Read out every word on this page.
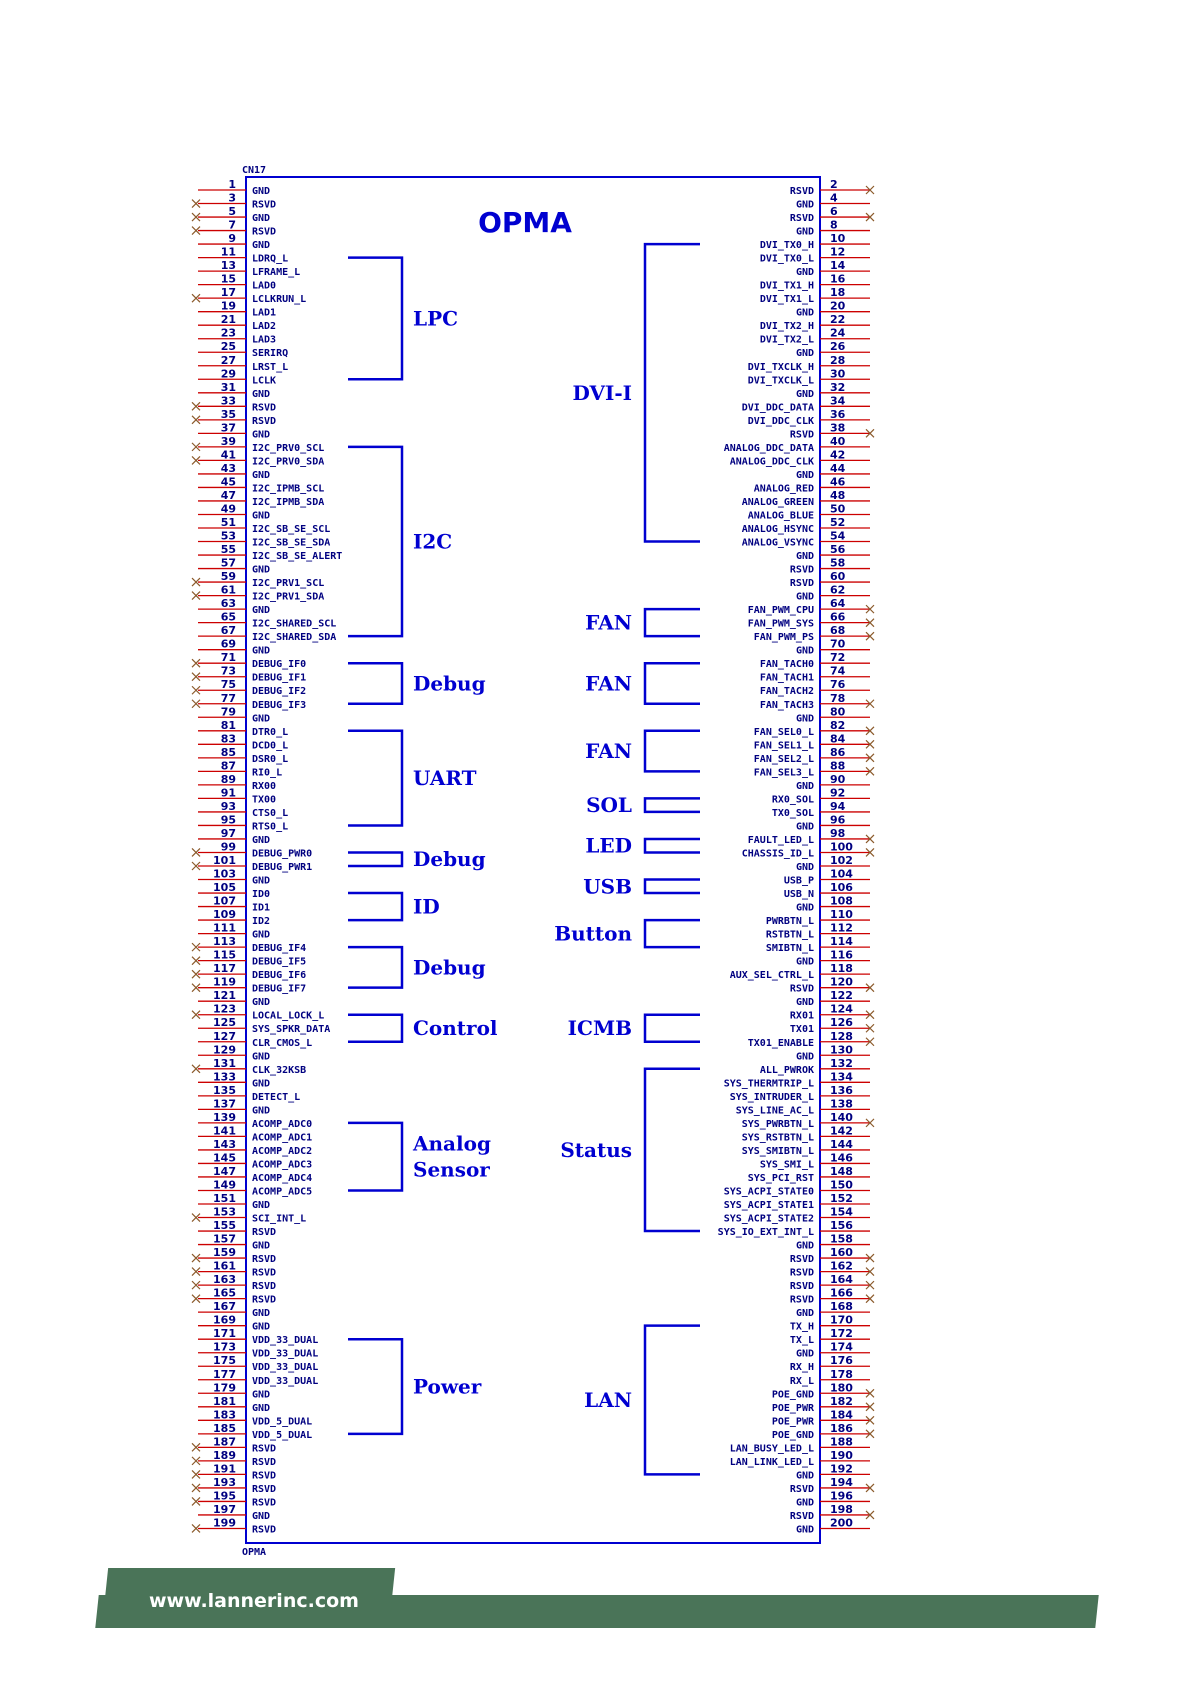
CN17
OPMA
OPMA
1
GND
3
RSVD
5
GND
7
RSVD
9
GND
11
LDRQ_L
13
LFRAME_L
15
LAD0
17
LCLKRUN_L
19
LAD1
21
LAD2
23
LAD3
25
SERIRQ
27
LRST_L
29
LCLK
31
GND
33
RSVD
35
RSVD
37
GND
39
I2C_PRV0_SCL
41
I2C_PRV0_SDA
43
GND
45
I2C_IPMB_SCL
47
I2C_IPMB_SDA
49
GND
51
I2C_SB_SE_SCL
53
I2C_SB_SE_SDA
55
I2C_SB_SE_ALERT
57
GND
59
I2C_PRV1_SCL
61
I2C_PRV1_SDA
63
GND
65
I2C_SHARED_SCL
67
I2C_SHARED_SDA
69
GND
71
DEBUG_IF0
73
DEBUG_IF1
75
DEBUG_IF2
77
DEBUG_IF3
79
GND
81
DTR0_L
83
DCD0_L
85
DSR0_L
87
RI0_L
89
RX00
91
TX00
93
CTS0_L
95
RTS0_L
97
GND
99
DEBUG_PWR0
101
DEBUG_PWR1
103
GND
105
ID0
107
ID1
109
ID2
111
GND
113
DEBUG_IF4
115
DEBUG_IF5
117
DEBUG_IF6
119
DEBUG_IF7
121
GND
123
LOCAL_LOCK_L
125
SYS_SPKR_DATA
127
CLR_CMOS_L
129
GND
131
CLK_32KSB
133
GND
135
DETECT_L
137
GND
139
ACOMP_ADC0
141
ACOMP_ADC1
143
ACOMP_ADC2
145
ACOMP_ADC3
147
ACOMP_ADC4
149
ACOMP_ADC5
151
GND
153
SCI_INT_L
155
RSVD
157
GND
159
RSVD
161
RSVD
163
RSVD
165
RSVD
167
GND
169
GND
171
VDD_33_DUAL
173
VDD_33_DUAL
175
VDD_33_DUAL
177
VDD_33_DUAL
179
GND
181
GND
183
VDD_5_DUAL
185
VDD_5_DUAL
187
RSVD
189
RSVD
191
RSVD
193
RSVD
195
RSVD
197
GND
199
RSVD
2
RSVD
4
GND
6
RSVD
8
GND
10
DVI_TX0_H
12
DVI_TX0_L
14
GND
16
DVI_TX1_H
18
DVI_TX1_L
20
GND
22
DVI_TX2_H
24
DVI_TX2_L
26
GND
28
DVI_TXCLK_H
30
DVI_TXCLK_L
32
GND
34
DVI_DDC_DATA
36
DVI_DDC_CLK
38
RSVD
40
ANALOG_DDC_DATA
42
ANALOG_DDC_CLK
44
GND
46
ANALOG_RED
48
ANALOG_GREEN
50
ANALOG_BLUE
52
ANALOG_HSYNC
54
ANALOG_VSYNC
56
GND
58
RSVD
60
RSVD
62
GND
64
FAN_PWM_CPU
66
FAN_PWM_SYS
68
FAN_PWM_PS
70
GND
72
FAN_TACH0
74
FAN_TACH1
76
FAN_TACH2
78
FAN_TACH3
80
GND
82
FAN_SEL0_L
84
FAN_SEL1_L
86
FAN_SEL2_L
88
FAN_SEL3_L
90
GND
92
RX0_SOL
94
TX0_SOL
96
GND
98
FAULT_LED_L
100
CHASSIS_ID_L
102
GND
104
USB_P
106
USB_N
108
GND
110
PWRBTN_L
112
RSTBTN_L
114
SMIBTN_L
116
GND
118
AUX_SEL_CTRL_L
120
RSVD
122
GND
124
RX01
126
TX01
128
TX01_ENABLE
130
GND
132
ALL_PWROK
134
SYS_THERMTRIP_L
136
SYS_INTRUDER_L
138
SYS_LINE_AC_L
140
SYS_PWRBTN_L
142
SYS_RSTBTN_L
144
SYS_SMIBTN_L
146
SYS_SMI_L
148
SYS_PCI_RST
150
SYS_ACPI_STATE0
152
SYS_ACPI_STATE1
154
SYS_ACPI_STATE2
156
SYS_IO_EXT_INT_L
158
GND
160
RSVD
162
RSVD
164
RSVD
166
RSVD
168
GND
170
TX_H
172
TX_L
174
GND
176
RX_H
178
RX_L
180
POE_GND
182
POE_PWR
184
POE_PWR
186
POE_GND
188
LAN_BUSY_LED_L
190
LAN_LINK_LED_L
192
GND
194
RSVD
196
GND
198
RSVD
200
GND
LPC
I2C
Debug
UART
Debug
ID
Debug
Control
Analog
Sensor
Power
DVI-I
FAN
FAN
FAN
SOL
LED
USB
Button
ICMB
Status
LAN
www.lannerinc.com
